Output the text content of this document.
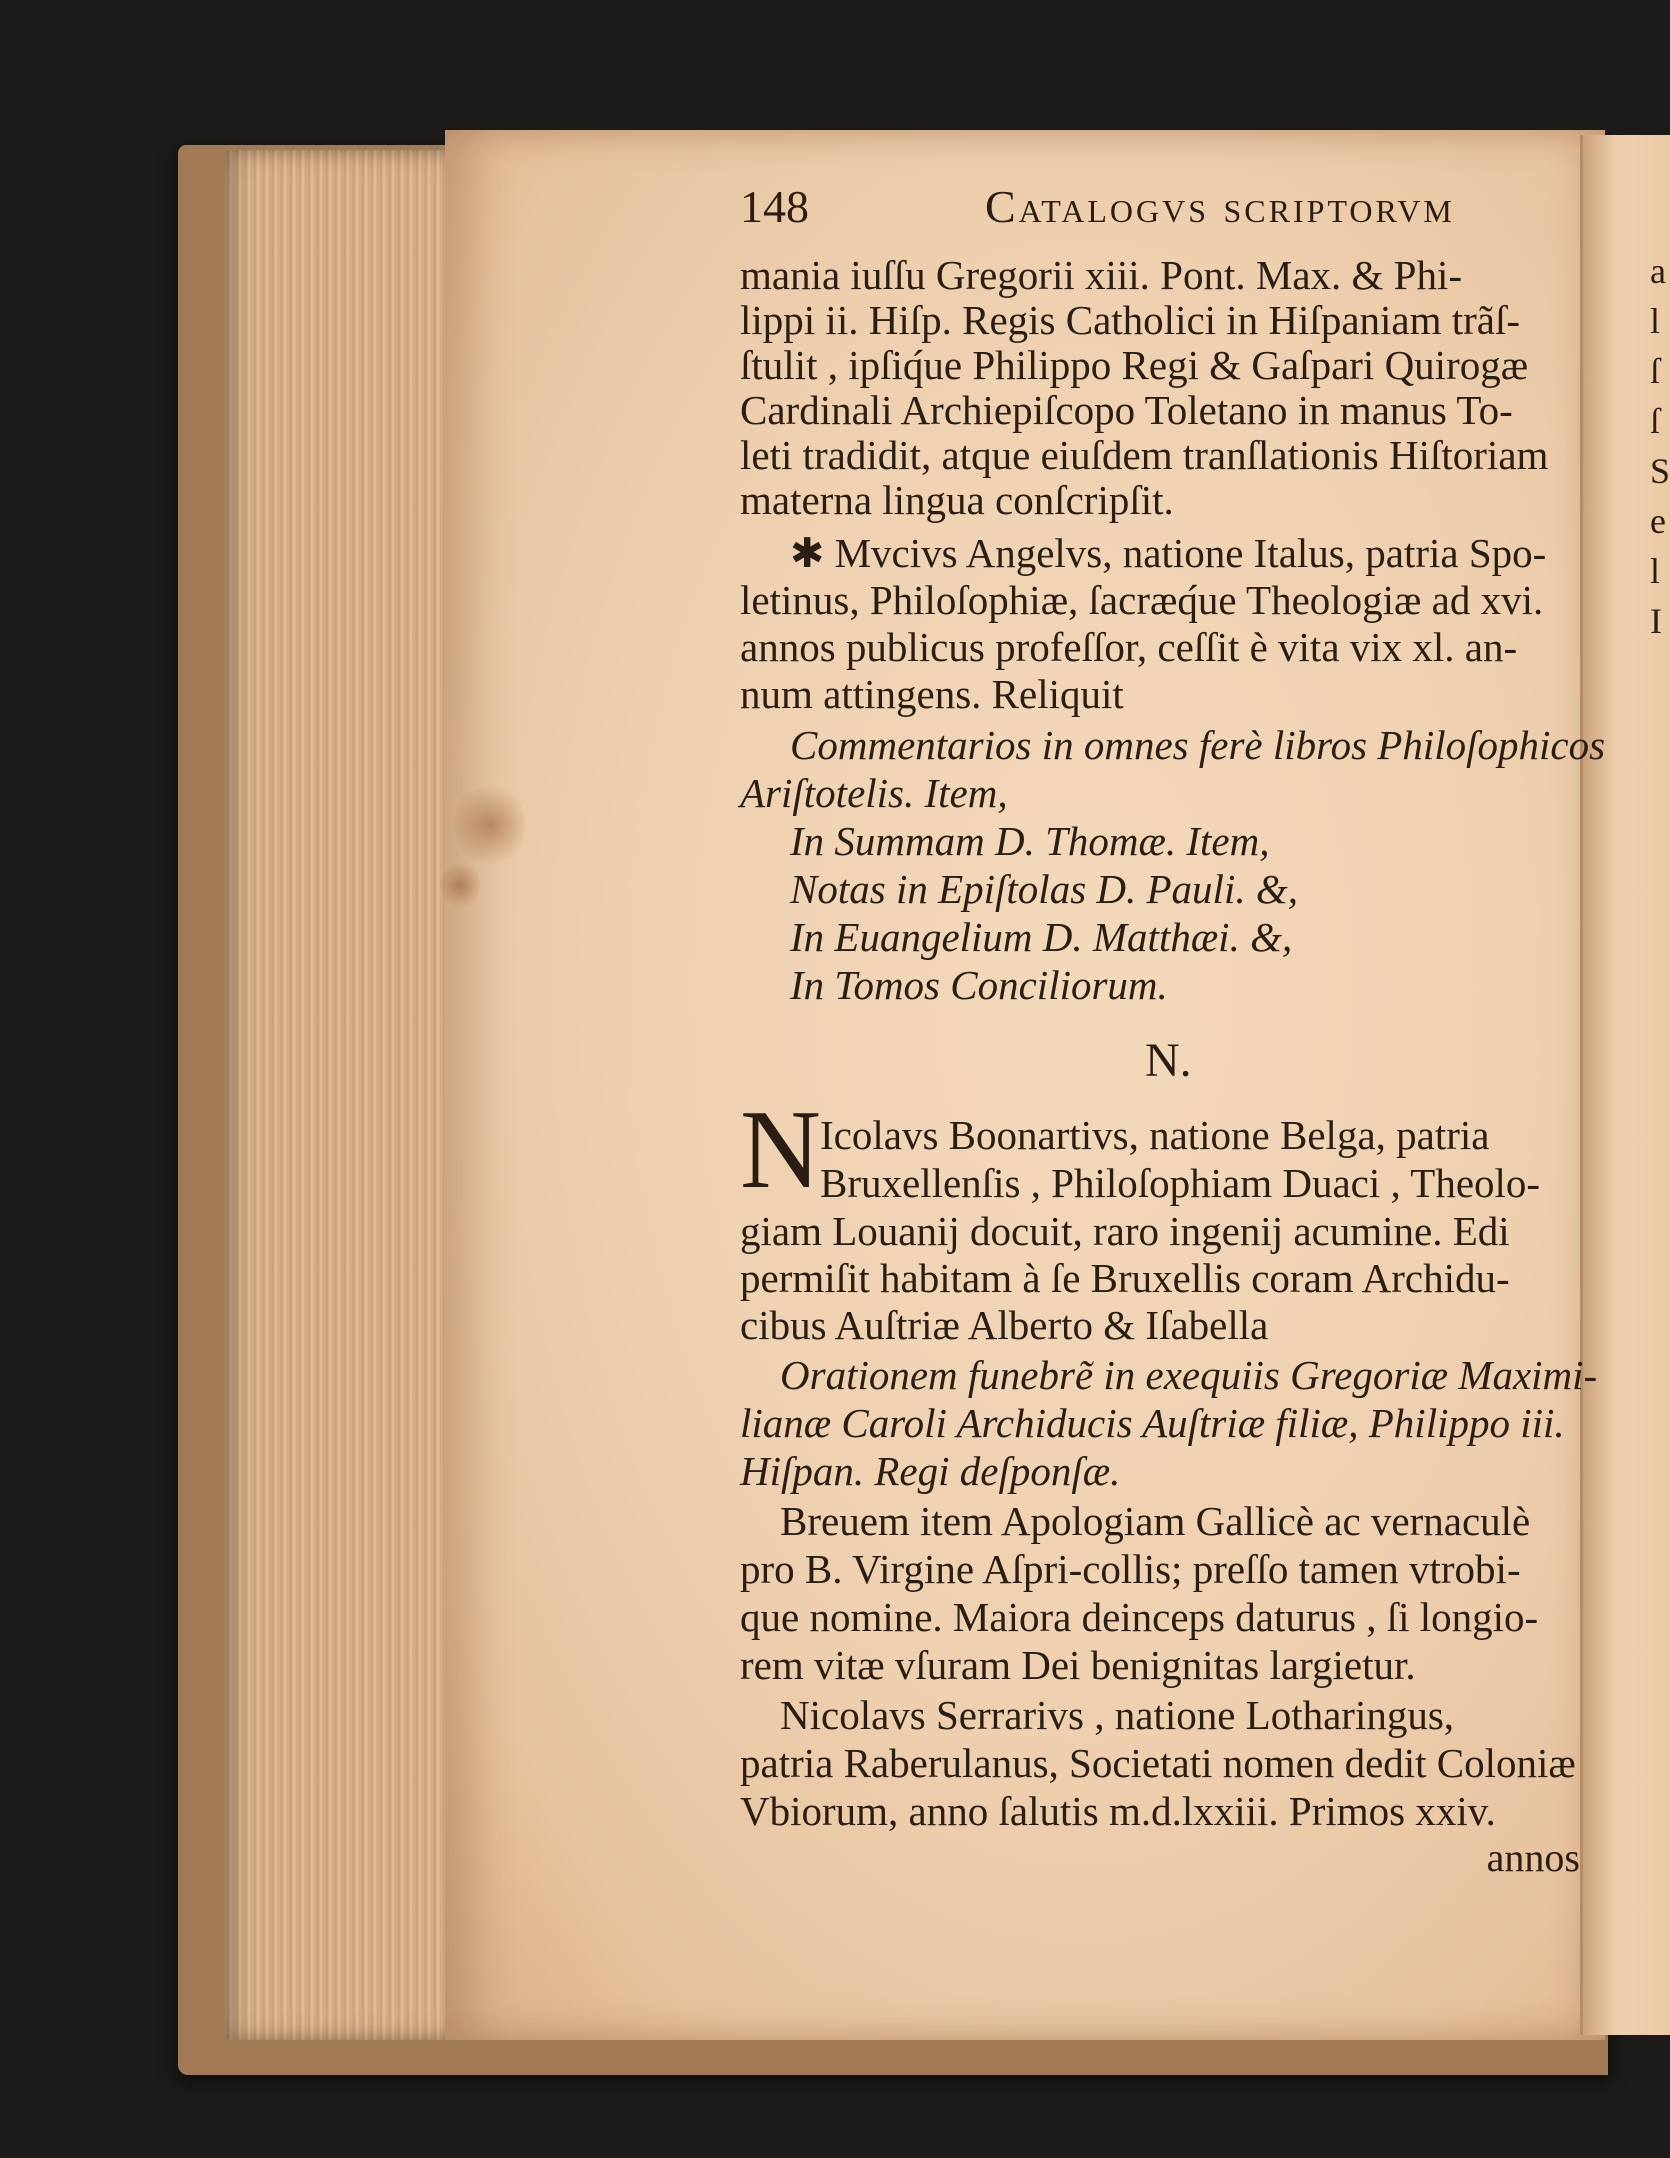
148	Catalogvs scriptorvm
mania iuſſu Gregorii xiii. Pont. Max. & Phi-
lippi ii. Hiſp. Regis Catholici in Hiſpaniam trãſ-
ſtulit , ipſiq́ue Philippo Regi & Gaſpari Quirogæ
Cardinali Archiepiſcopo Toletano in manus To-
leti tradidit, atque eiuſdem tranſlationis Hiſtoriam
materna lingua conſcripſit.
✱ Mvcivs Angelvs, natione Italus, patria Spo-
letinus, Philoſophiæ, ſacræq́ue Theologiæ ad xvi.
annos publicus profeſſor, ceſſit è vita vix xl. an-
num attingens. Reliquit
Commentarios in omnes ferè libros Philoſophicos
Ariſtotelis. Item,
In Summam D. Thomæ. Item,
Notas in Epiſtolas D. Pauli. &,
In Euangelium D. Matthæi. &,
In Tomos Conciliorum.
N.
N Icolavs Boonartivs, natione Belga, patria
Bruxellenſis , Philoſophiam Duaci , Theolo-
giam Louanij docuit, raro ingenij acumine. Edi
permiſit habitam à ſe Bruxellis coram Archidu-
cibus Auſtriæ Alberto & Iſabella
Orationem funebrẽ in exequiis Gregoriæ Maximi-
lianæ Caroli Archiducis Auſtriæ filiæ, Philippo iii.
Hiſpan. Regi deſponſæ.
Breuem item Apologiam Gallicè ac vernaculè
pro B. Virgine Aſpri-collis; preſſo tamen vtrobi-
que nomine. Maiora deinceps daturus , ſi longio-
rem vitæ vſuram Dei benignitas largietur.
Nicolavs Serrarivs , natione Lotharingus,
patria Raberulanus, Societati nomen dedit Coloniæ
Vbiorum, anno ſalutis m.d.lxxiii. Primos xxiv.
annos
a
l
ſ
ſ
S
e
l
I
